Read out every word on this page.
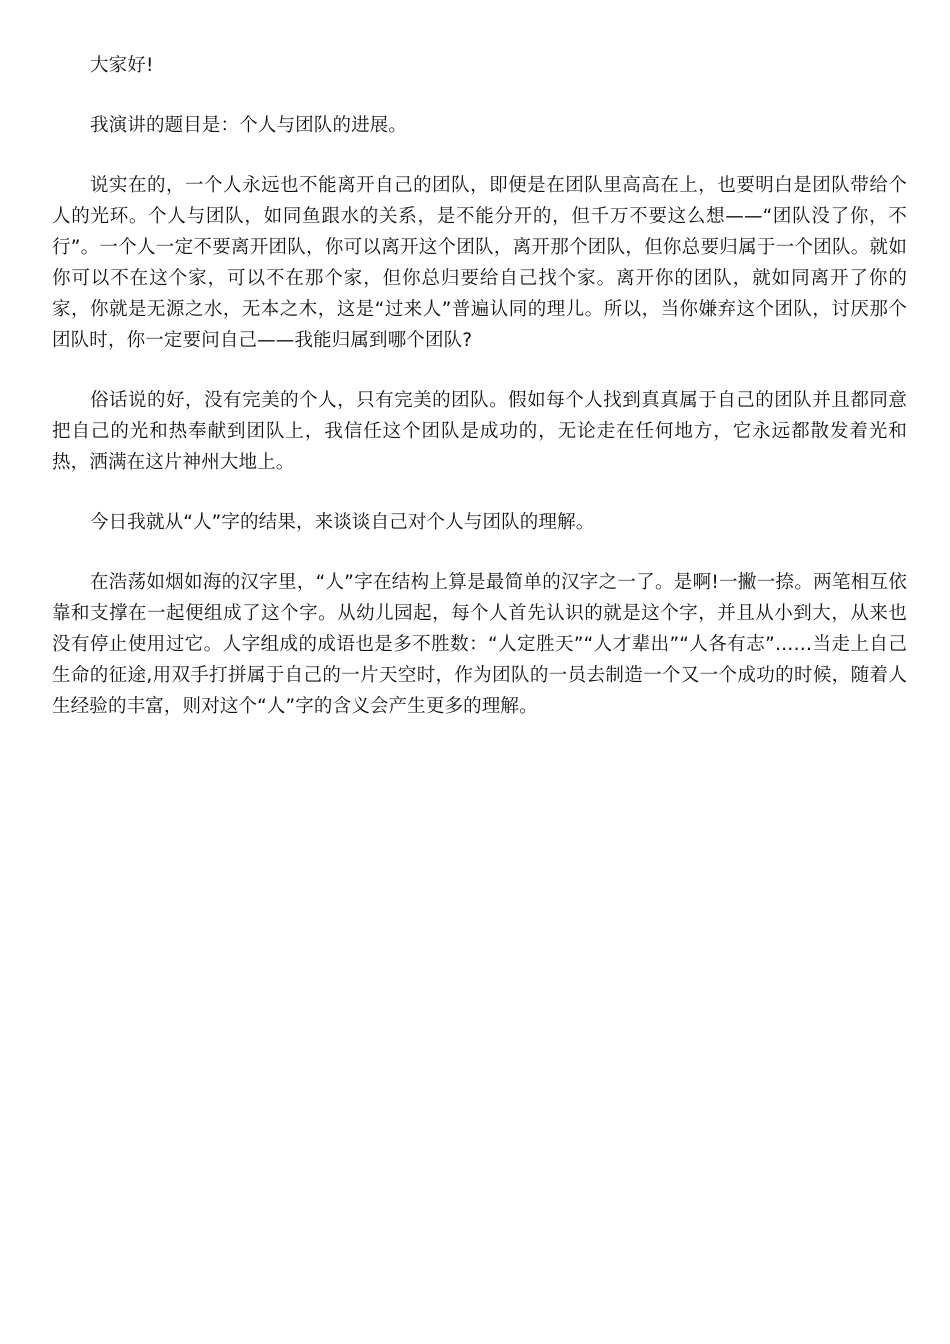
大家好!

我演讲的题目是：个人与团队的进展。

说实在的，一个人永远也不能离开自己的团队，即便是在团队里高高在上，也要明白是团队带给个人的光环。个人与团队，如同鱼跟水的关系，是不能分开的，但千万不要这么想——“团队没了你，不行”。一个人一定不要离开团队，你可以离开这个团队，离开那个团队，但你总要归属于一个团队。就如你可以不在这个家，可以不在那个家，但你总归要给自己找个家。离开你的团队，就如同离开了你的家，你就是无源之水，无本之木，这是“过来人”普遍认同的理儿。所以，当你嫌弃这个团队，讨厌那个团队时，你一定要问自己——我能归属到哪个团队?

俗话说的好，没有完美的个人，只有完美的团队。假如每个人找到真真属于自己的团队并且都同意把自己的光和热奉献到团队上，我信任这个团队是成功的，无论走在任何地方，它永远都散发着光和热，洒满在这片神州大地上。

今日我就从“人”字的结果，来谈谈自己对个人与团队的理解。

在浩荡如烟如海的汉字里，“人”字在结构上算是最简单的汉字之一了。是啊!一撇一捺。两笔相互依靠和支撑在一起便组成了这个字。从幼儿园起，每个人首先认识的就是这个字，并且从小到大，从来也没有停止使用过它。人字组成的成语也是多不胜数：“人定胜天”“人才辈出”“人各有志”……当走上自己生命的征途,用双手打拼属于自己的一片天空时，作为团队的一员去制造一个又一个成功的时候，随着人生经验的丰富，则对这个“人”字的含义会产生更多的理解。
